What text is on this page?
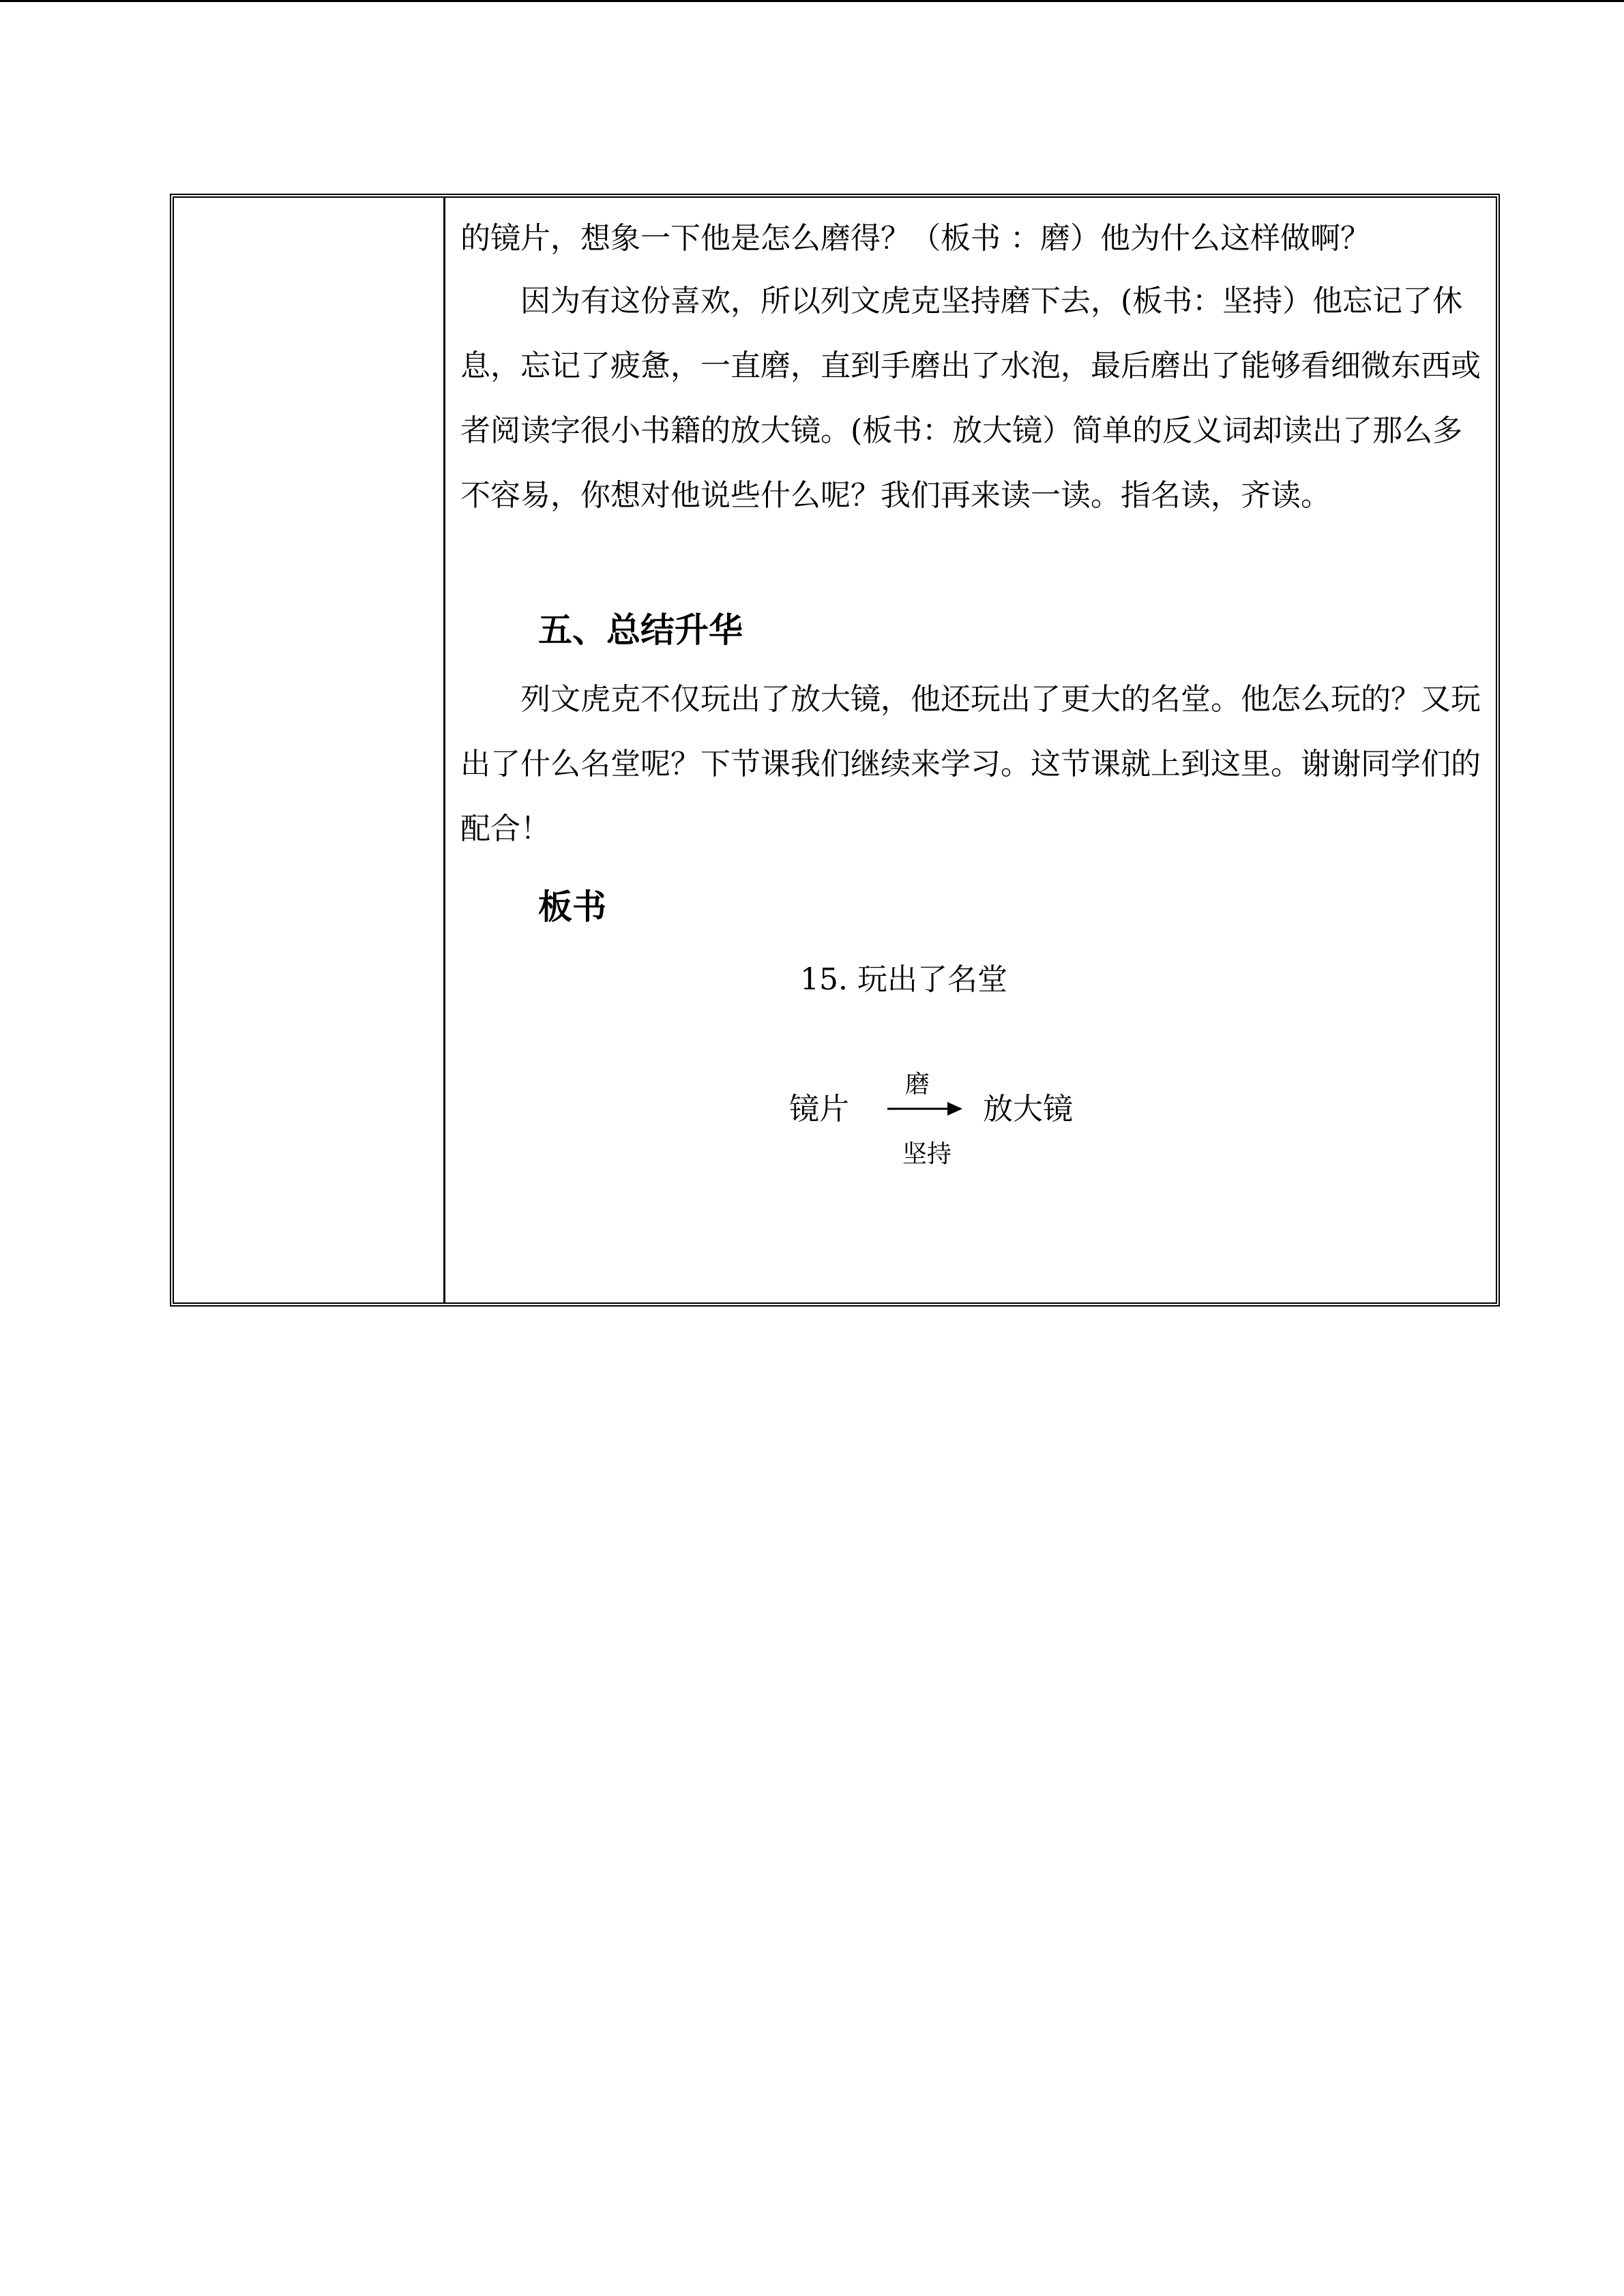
的镜片，想象一下他是怎么磨得？（板书 ：磨）他为什么这样做啊？

　　因为有这份喜欢，所以列文虎克坚持磨下去，(板书：坚持）他忘记了休息，忘记了疲惫，一直磨，直到手磨出了水泡，最后磨出了能够看细微东西或者阅读字很小书籍的放大镜。(板书：放大镜）简单的反义词却读出了那么多不容易，你想对他说些什么呢？我们再来读一读。指名读，齐读。

五、总结升华

　　列文虎克不仅玩出了放大镜，他还玩出了更大的名堂。他怎么玩的？又玩出了什么名堂呢？下节课我们继续来学习。这节课就上到这里。谢谢同学们的配合！

板书

15. 玩出了名堂

镜片

磨

坚持

放大镜
